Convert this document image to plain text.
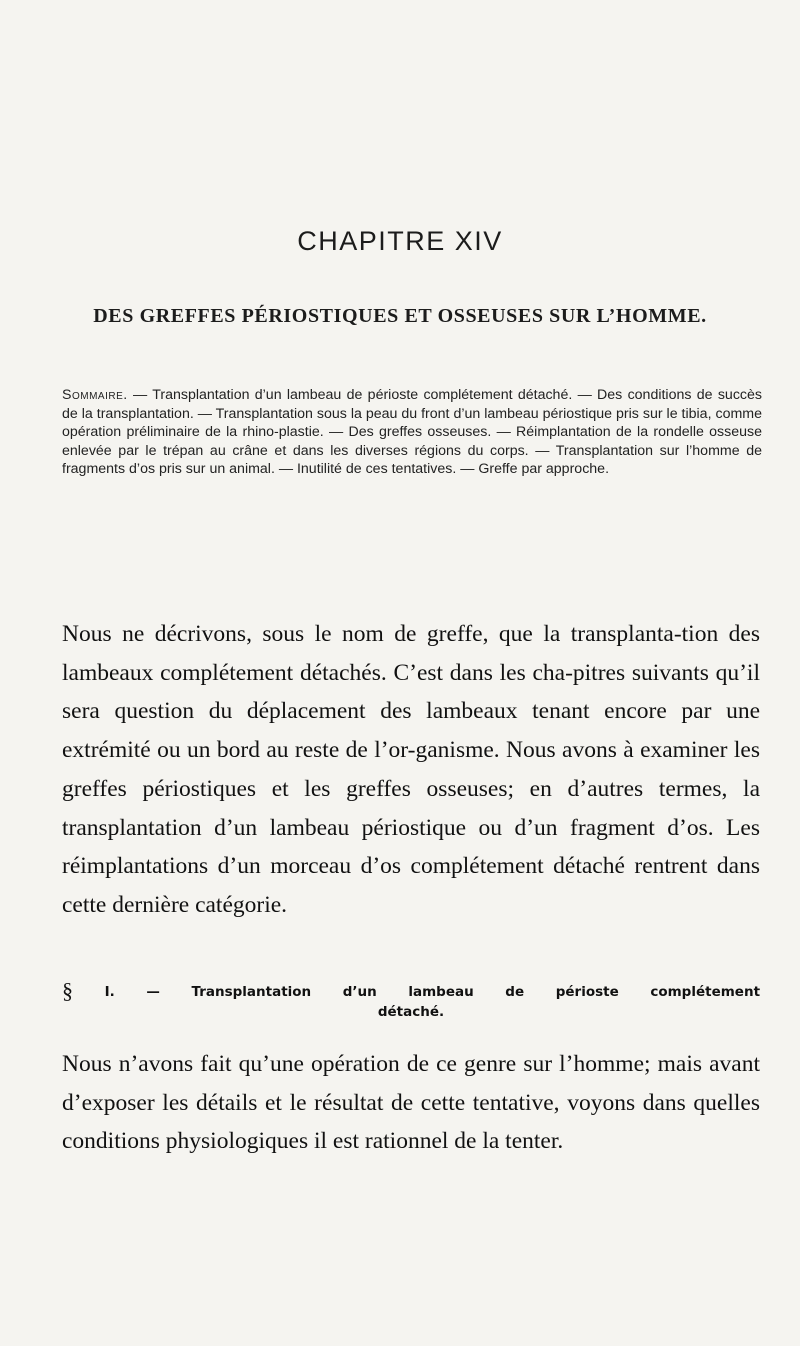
CHAPITRE XIV
DES GREFFES PÉRIOSTIQUES ET OSSEUSES SUR L’HOMME.

Sommaire. — Transplantation d’un lambeau de périoste complétement détaché. — Des conditions de succès de la transplantation. — Transplantation sous la peau du front d’un lambeau périostique pris sur le tibia, comme opération préliminaire de la rhino-plastie. — Des greffes osseuses. — Réimplantation de la rondelle osseuse enlevée par le trépan au crâne et dans les diverses régions du corps. — Transplantation sur l’homme de fragments d’os pris sur un animal. — Inutilité de ces tentatives. — Greffe par approche.

Nous ne décrivons, sous le nom de greffe, que la transplanta-tion des lambeaux complétement détachés. C’est dans les cha-pitres suivants qu’il sera question du déplacement des lambeaux tenant encore par une extrémité ou un bord au reste de l’or-ganisme. Nous avons à examiner les greffes périostiques et les greffes osseuses; en d’autres termes, la transplantation d’un lambeau périostique ou d’un fragment d’os. Les réimplantations d’un morceau d’os complétement détaché rentrent dans cette dernière catégorie.

§ I. — Transplantation d’un lambeau de périoste complétement
détaché.

Nous n’avons fait qu’une opération de ce genre sur l’homme; mais avant d’exposer les détails et le résultat de cette tentative, voyons dans quelles conditions physiologiques il est rationnel de la tenter.
